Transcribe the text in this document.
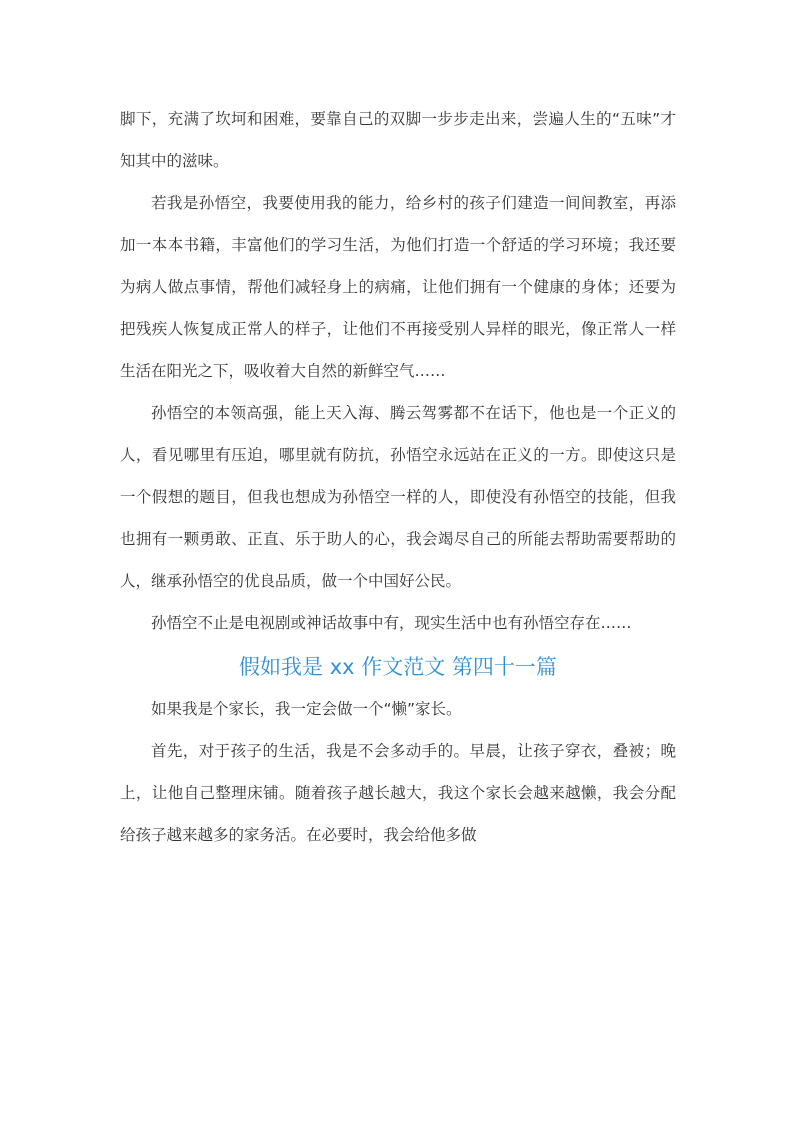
脚下，充满了坎坷和困难，要靠自己的双脚一步步走出来，尝遍人生的“五味”才知其中的滋味。

若我是孙悟空，我要使用我的能力，给乡村的孩子们建造一间间教室，再添加一本本书籍，丰富他们的学习生活，为他们打造一个舒适的学习环境；我还要为病人做点事情，帮他们减轻身上的病痛，让他们拥有一个健康的身体；还要为把残疾人恢复成正常人的样子，让他们不再接受别人异样的眼光，像正常人一样生活在阳光之下，吸收着大自然的新鲜空气……

孙悟空的本领高强，能上天入海、腾云驾雾都不在话下，他也是一个正义的人，看见哪里有压迫，哪里就有防抗，孙悟空永远站在正义的一方。即使这只是一个假想的题目，但我也想成为孙悟空一样的人，即使没有孙悟空的技能，但我也拥有一颗勇敢、正直、乐于助人的心，我会竭尽自己的所能去帮助需要帮助的人，继承孙悟空的优良品质，做一个中国好公民。

孙悟空不止是电视剧或神话故事中有，现实生活中也有孙悟空存在……

假如我是 xx 作文范文 第四十一篇

如果我是个家长，我一定会做一个“懒”家长。

首先，对于孩子的生活，我是不会多动手的。早晨，让孩子穿衣，叠被；晚上，让他自己整理床铺。随着孩子越长越大，我这个家长会越来越懒，我会分配给孩子越来越多的家务活。在必要时，我会给他多做
